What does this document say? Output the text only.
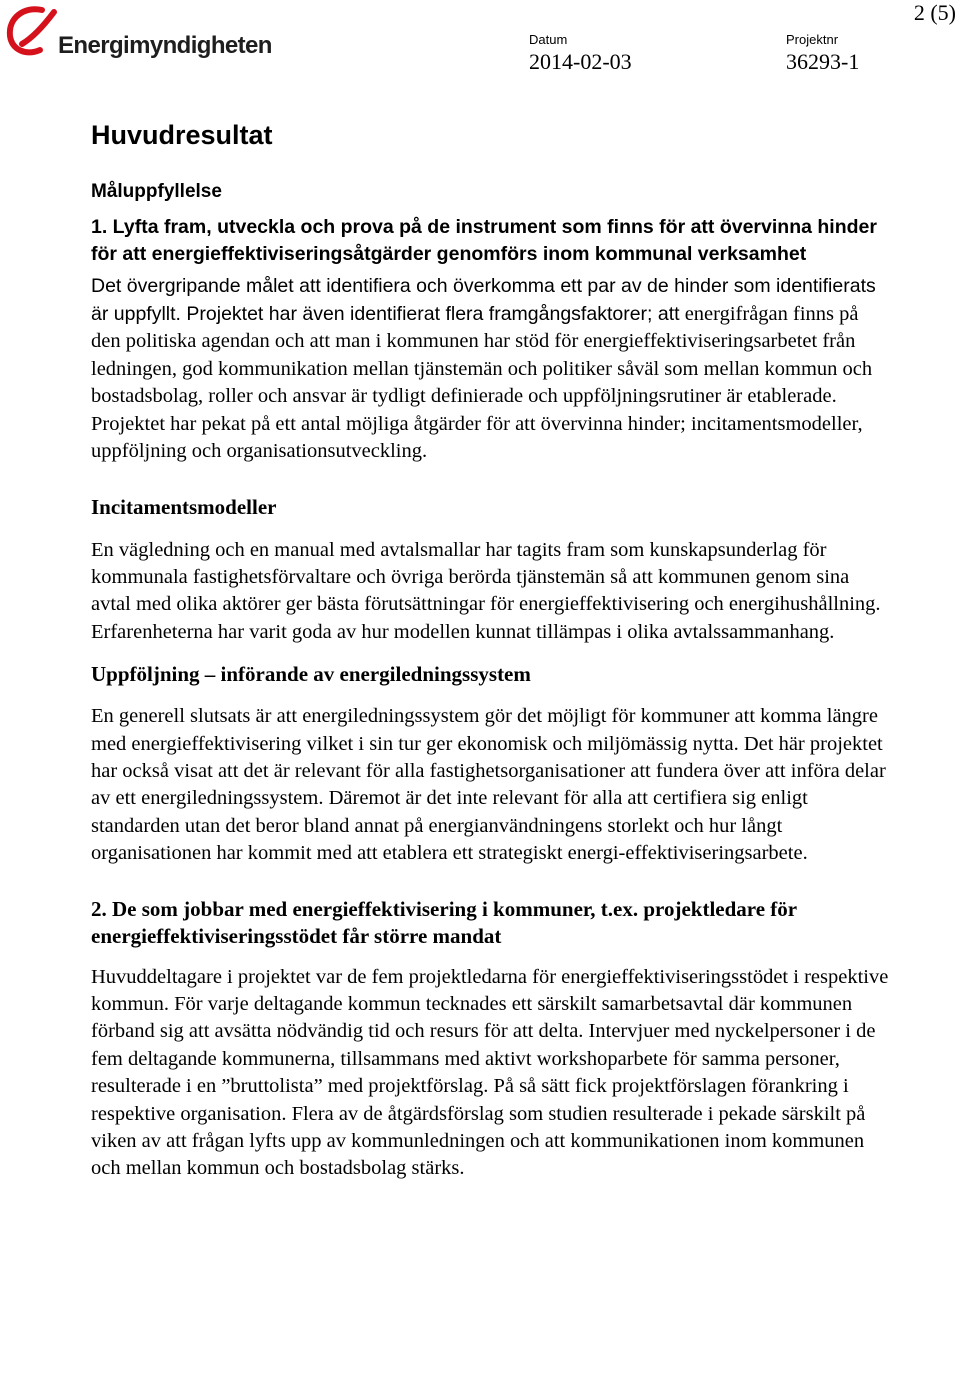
Energimyndigheten	Datum
2014-02-03
Projektnr
36293-1
2 (5)
Huvudresultat
Måluppfyllelse

1. Lyfta fram, utveckla och prova på de instrument som finns för att övervinna hinder för att energieffektiviseringsåtgärder genomförs inom kommunal verksamhet

Det övergripande målet att identifiera och överkomma ett par av de hinder som identifierats är uppfyllt. Projektet har även identifierat flera framgångsfaktorer; att energifrågan finns på den politiska agendan och att man i kommunen har stöd för energieffektiviseringsarbetet från ledningen, god kommunikation mellan tjänstemän och politiker såväl som mellan kommun och bostadsbolag, roller och ansvar är tydligt definierade och uppföljningsrutiner är etablerade. Projektet har pekat på ett antal möjliga åtgärder för att övervinna hinder; incitamentsmodeller, uppföljning och organisationsutveckling.

Incitamentsmodeller

En vägledning och en manual med avtalsmallar har tagits fram som kunskapsunderlag för kommunala fastighetsförvaltare och övriga berörda tjänstemän så att kommunen genom sina avtal med olika aktörer ger bästa förutsättningar för energieffektivisering och energihushållning. Erfarenheterna har varit goda av hur modellen kunnat tillämpas i olika avtalssammanhang.

Uppföljning – införande av energiledningssystem

En generell slutsats är att energiledningssystem gör det möjligt för kommuner att komma längre med energieffektivisering vilket i sin tur ger ekonomisk och miljömässig nytta. Det här projektet har också visat att det är relevant för alla fastighetsorganisationer att fundera över att införa delar av ett energiledningssystem. Däremot är det inte relevant för alla att certifiera sig enligt standarden utan det beror bland annat på energianvändningens storlekt och hur långt organisationen har kommit med att etablera ett strategiskt energi-effektiviseringsarbete.

2. De som jobbar med energieffektivisering i kommuner, t.ex. projektledare för energieffektiviseringsstödet får större mandat

Huvuddeltagare i projektet var de fem projektledarna för energieffektiviseringsstödet i respektive kommun. För varje deltagande kommun tecknades ett särskilt samarbetsavtal där kommunen förband sig att avsätta nödvändig tid och resurs för att delta. Intervjuer med nyckelpersoner i de fem deltagande kommunerna, tillsammans med aktivt workshoparbete för samma personer, resulterade i en ”bruttolista” med projektförslag. På så sätt fick projektförslagen förankring i respektive organisation. Flera av de åtgärdsförslag som studien resulterade i pekade särskilt på viken av att frågan lyfts upp av kommunledningen och att kommunikationen inom kommunen och mellan kommun och bostadsbolag stärks.
